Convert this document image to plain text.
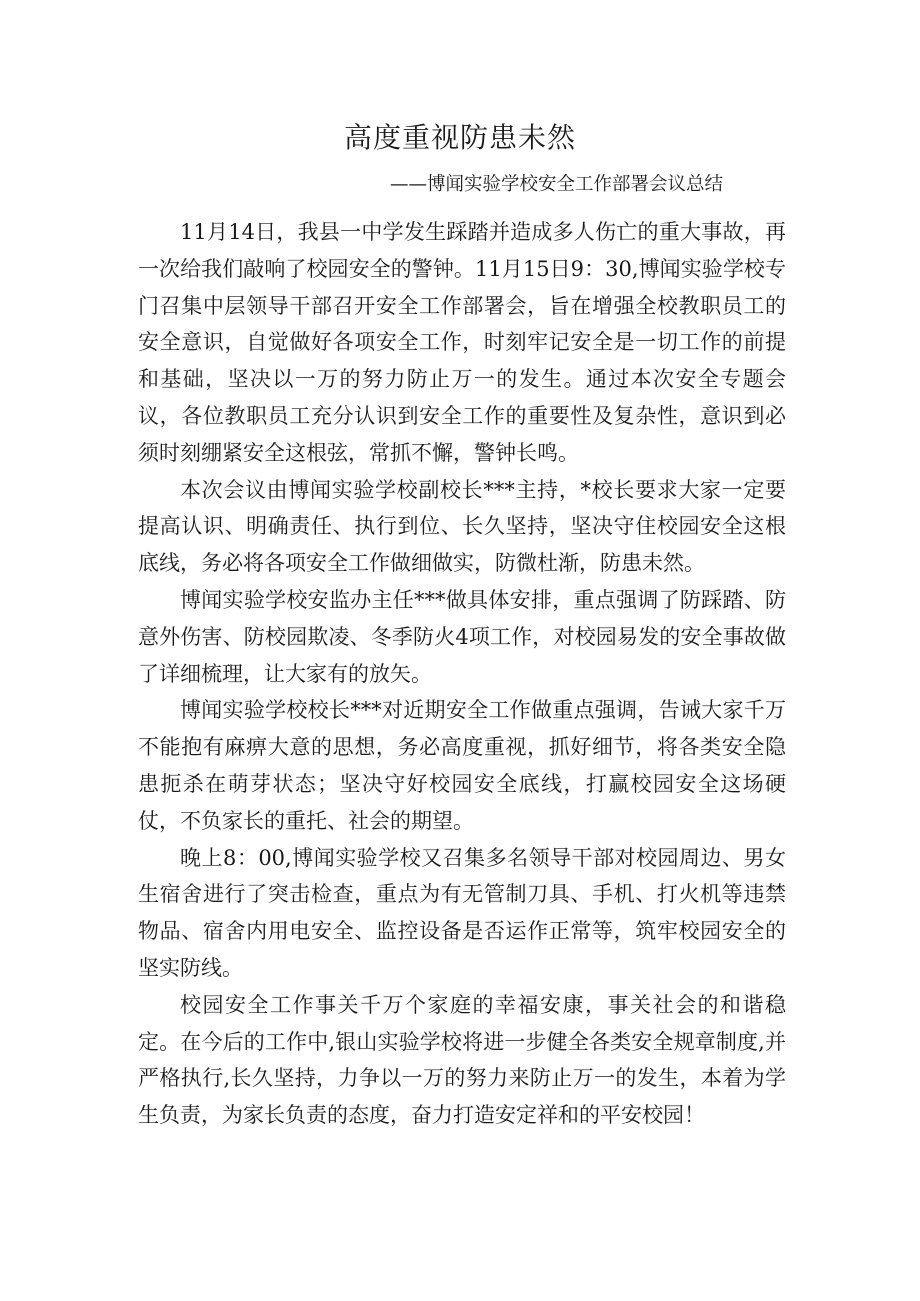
高度重视防患未然
——博闻实验学校安全工作部署会议总结

11月14日，我县一中学发生踩踏并造成多人伤亡的重大事故，再一次给我们敲响了校园安全的警钟。11月15日9：30,博闻实验学校专门召集中层领导干部召开安全工作部署会，旨在增强全校教职员工的安全意识，自觉做好各项安全工作，时刻牢记安全是一切工作的前提和基础，坚决以一万的努力防止万一的发生。通过本次安全专题会议，各位教职员工充分认识到安全工作的重要性及复杂性，意识到必须时刻绷紧安全这根弦，常抓不懈，警钟长鸣。

本次会议由博闻实验学校副校长***主持，*校长要求大家一定要提高认识、明确责任、执行到位、长久坚持，坚决守住校园安全这根底线，务必将各项安全工作做细做实，防微杜渐，防患未然。

博闻实验学校安监办主任***做具体安排，重点强调了防踩踏、防意外伤害、防校园欺凌、冬季防火4项工作，对校园易发的安全事故做了详细梳理，让大家有的放矢。

博闻实验学校校长***对近期安全工作做重点强调，告诫大家千万不能抱有麻痹大意的思想，务必高度重视，抓好细节，将各类安全隐患扼杀在萌芽状态；坚决守好校园安全底线，打赢校园安全这场硬仗，不负家长的重托、社会的期望。

晚上8：00,博闻实验学校又召集多名领导干部对校园周边、男女生宿舍进行了突击检查，重点为有无管制刀具、手机、打火机等违禁物品、宿舍内用电安全、监控设备是否运作正常等，筑牢校园安全的坚实防线。

校园安全工作事关千万个家庭的幸福安康，事关社会的和谐稳定。在今后的工作中,银山实验学校将进一步健全各类安全规章制度,并严格执行,长久坚持，力争以一万的努力来防止万一的发生，本着为学生负责，为家长负责的态度，奋力打造安定祥和的平安校园！
